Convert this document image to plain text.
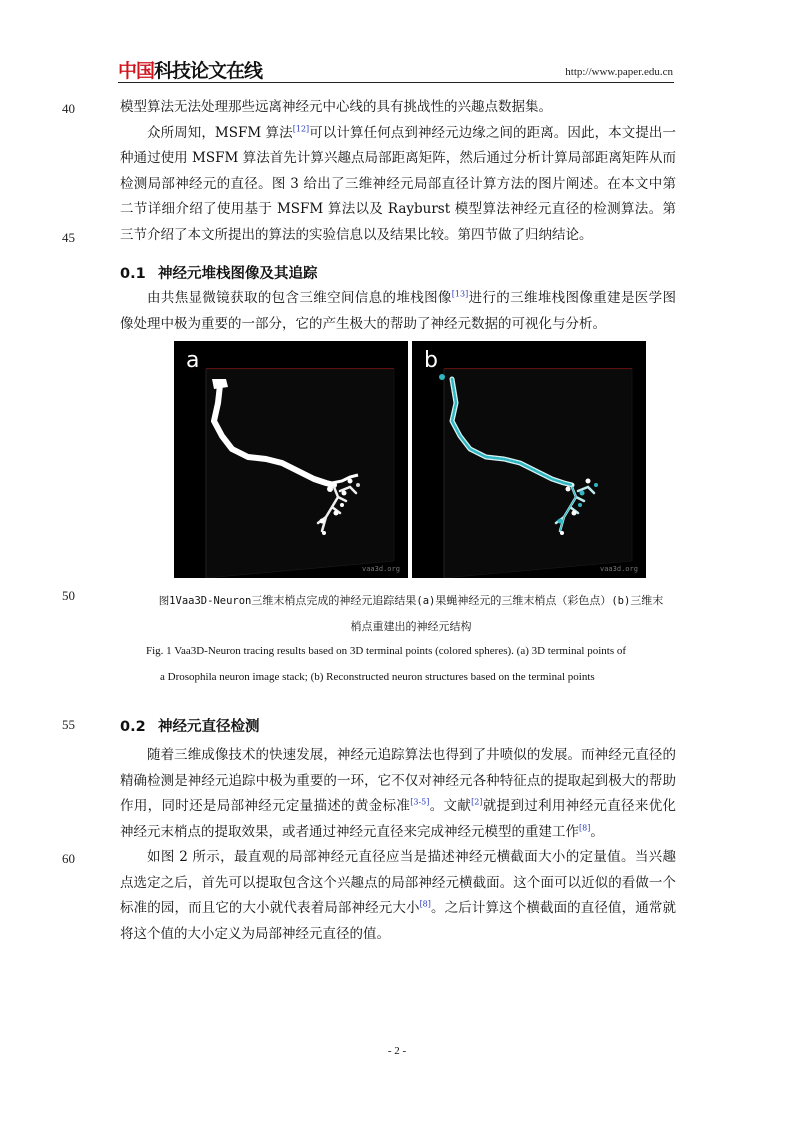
中国科技论文在线	http://www.paper.edu.cn
40
45
50
55
60

模型算法无法处理那些远离神经元中心线的具有挑战性的兴趣点数据集。

众所周知，MSFM 算法[12]可以计算任何点到神经元边缘之间的距离。因此，本文提出一种通过使用 MSFM 算法首先计算兴趣点局部距离矩阵，然后通过分析计算局部距离矩阵从而检测局部神经元的直径。图 3 给出了三维神经元局部直径计算方法的图片阐述。在本文中第二节详细介绍了使用基于 MSFM 算法以及 Rayburst 模型算法神经元直径的检测算法。第三节介绍了本文所提出的算法的实验信息以及结果比较。第四节做了归纳结论。

0.1 神经元堆栈图像及其追踪

由共焦显微镜获取的包含三维空间信息的堆栈图像[13]进行的三维堆栈图像重建是医学图像处理中极为重要的一部分，它的产生极大的帮助了神经元数据的可视化与分析。

a
vaa3d.org
b
vaa3d.org
图1Vaa3D-Neuron三维末梢点完成的神经元追踪结果(a)果蝇神经元的三维末梢点（彩色点）(b)三维末
梢点重建出的神经元结构
Fig. 1 Vaa3D-Neuron tracing results based on 3D terminal points (colored spheres). (a) 3D terminal points of
a Drosophila neuron image stack; (b) Reconstructed neuron structures based on the terminal points
0.2 神经元直径检测

随着三维成像技术的快速发展，神经元追踪算法也得到了井喷似的发展。而神经元直径的精确检测是神经元追踪中极为重要的一环，它不仅对神经元各种特征点的提取起到极大的帮助作用，同时还是局部神经元定量描述的黄金标准[3-5]。文献[2]就提到过利用神经元直径来优化神经元末梢点的提取效果，或者通过神经元直径来完成神经元模型的重建工作[8]。

如图 2 所示，最直观的局部神经元直径应当是描述神经元横截面大小的定量值。当兴趣点选定之后，首先可以提取包含这个兴趣点的局部神经元横截面。这个面可以近似的看做一个标准的园，而且它的大小就代表着局部神经元大小[8]。之后计算这个横截面的直径值，通常就将这个值的大小定义为局部神经元直径的值。

- 2 -
